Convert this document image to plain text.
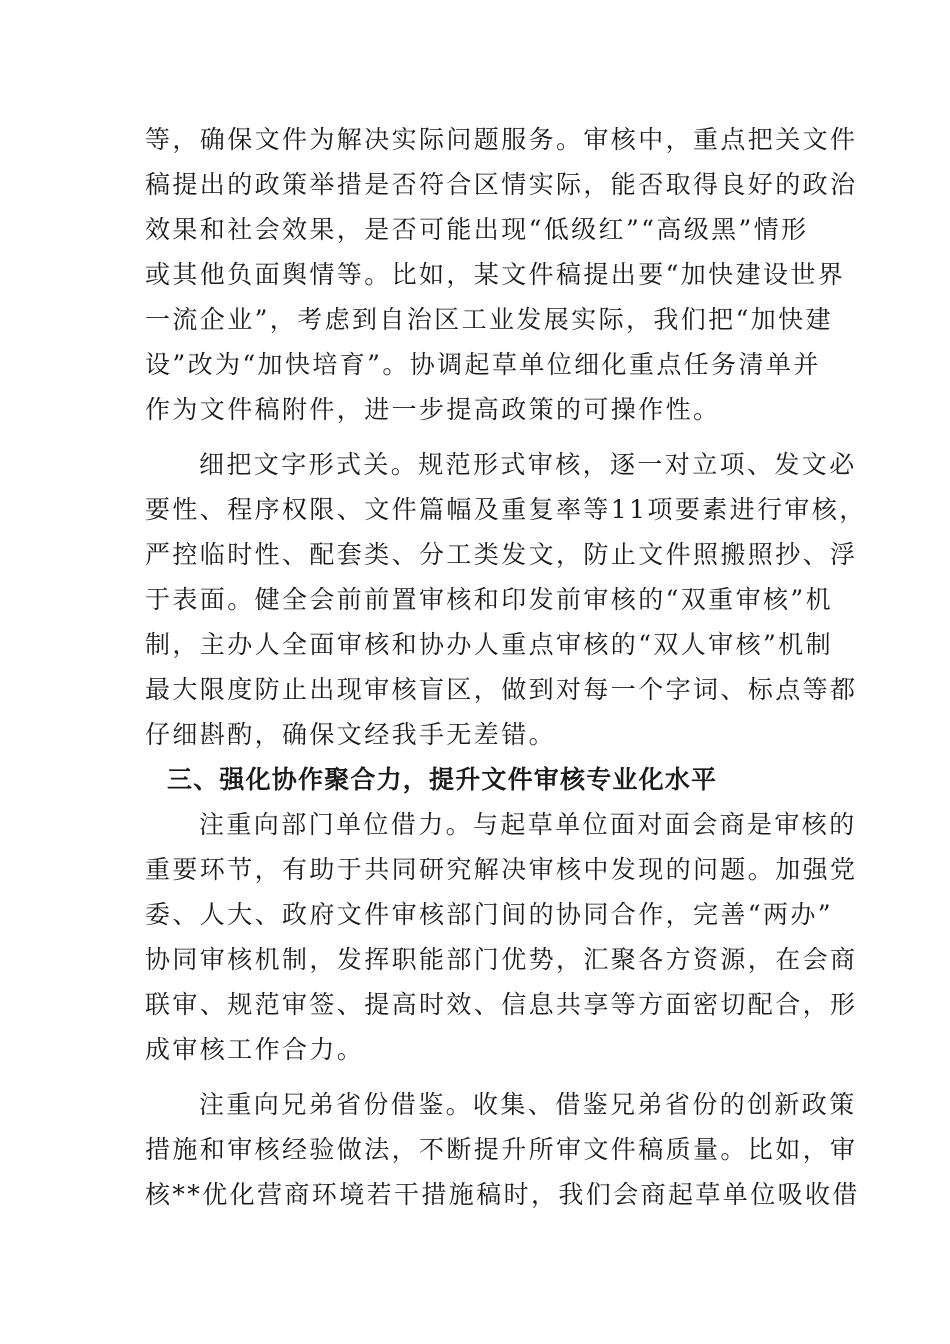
等，确保文件为解决实际问题服务。审核中，重点把关文件
稿提出的政策举措是否符合区情实际，能否取得良好的政治
效果和社会效果，是否可能出现“低级红”“高级黑”情形
或其他负面舆情等。比如，某文件稿提出要“加快建设世界
一流企业”，考虑到自治区工业发展实际，我们把“加快建
设”改为“加快培育”。协调起草单位细化重点任务清单并
作为文件稿附件，进一步提高政策的可操作性。
细把文字形式关。规范形式审核，逐一对立项、发文必
要性、程序权限、文件篇幅及重复率等11项要素进行审核，
严控临时性、配套类、分工类发文，防止文件照搬照抄、浮
于表面。健全会前前置审核和印发前审核的“双重审核”机
制，主办人全面审核和协办人重点审核的“双人审核”机制
最大限度防止出现审核盲区，做到对每一个字词、标点等都
仔细斟酌，确保文经我手无差错。
三、强化协作聚合力，提升文件审核专业化水平
注重向部门单位借力。与起草单位面对面会商是审核的
重要环节，有助于共同研究解决审核中发现的问题。加强党
委、人大、政府文件审核部门间的协同合作，完善“两办”
协同审核机制，发挥职能部门优势，汇聚各方资源，在会商
联审、规范审签、提高时效、信息共享等方面密切配合，形
成审核工作合力。
注重向兄弟省份借鉴。收集、借鉴兄弟省份的创新政策
措施和审核经验做法，不断提升所审文件稿质量。比如，审
核**优化营商环境若干措施稿时，我们会商起草单位吸收借
